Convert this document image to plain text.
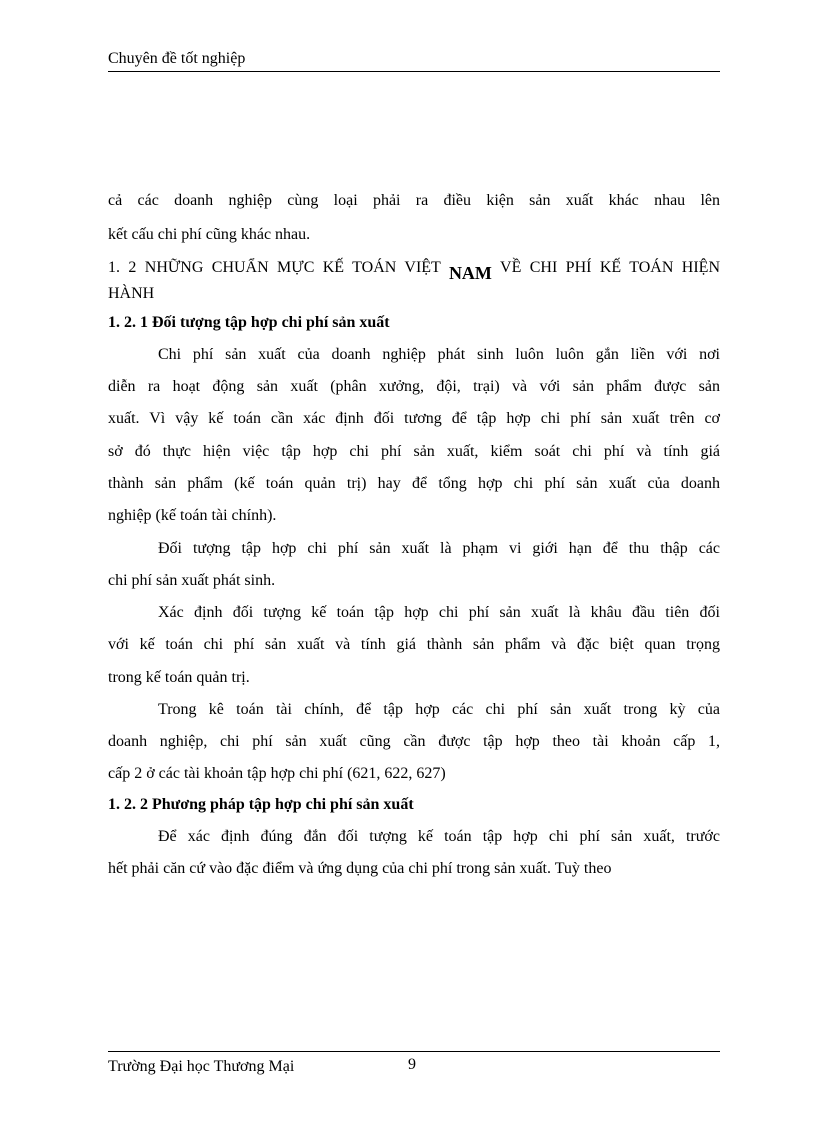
Chuyên đề tốt nghiệp
cả các doanh nghiệp cùng loại phải ra điều kiện sản xuất khác nhau lên
kết cấu chi phí cũng khác nhau.
1. 2 NHỮNG CHUẨN MỰC KẾ TOÁN VIỆT NAM VỀ CHI PHÍ KẾ TOÁN HIỆN
HÀNH
1. 2. 1 Đối tượng tập hợp chi phí sản xuất
Chi phí sản xuất của doanh nghiệp phát sinh luôn luôn gắn liền với nơi
diễn ra hoạt động sản xuất (phân xưởng, đội, trại) và với sản phẩm được sản
xuất. Vì vậy kế toán cần xác định đối tương để tập hợp chi phí sản xuất trên cơ
sở đó thực hiện việc tập hợp chi phí sản xuất, kiểm soát chi phí và tính giá
thành sản phẩm (kế toán quản trị) hay để tổng hợp chi phí sản xuất của doanh
nghiệp (kế toán tài chính).
Đối tượng tập hợp chi phí sản xuất là phạm vi giới hạn để thu thập các
chi phí sản xuất phát sinh.
Xác định đối tượng kế toán tập hợp chi phí sản xuất là khâu đầu tiên đối
với kế toán chi phí sản xuất và tính giá thành sản phẩm và đặc biệt quan trọng
trong kế toán quản trị.
Trong kê toán tài chính, để tập hợp các chi phí sản xuất trong kỳ của
doanh nghiệp, chi phí sản xuất cũng cần được tập hợp theo tài khoản cấp 1,
cấp 2 ở các tài khoản tập hợp chi phí (621, 622, 627)
1. 2. 2 Phương pháp tập hợp chi phí sản xuất
Để xác định đúng đắn đối tượng kế toán tập hợp chi phí sản xuất, trước
hết phải căn cứ vào đặc điểm và ứng dụng của chi phí trong sản xuất. Tuỳ theo
Trường Đại học Thương Mại	9
